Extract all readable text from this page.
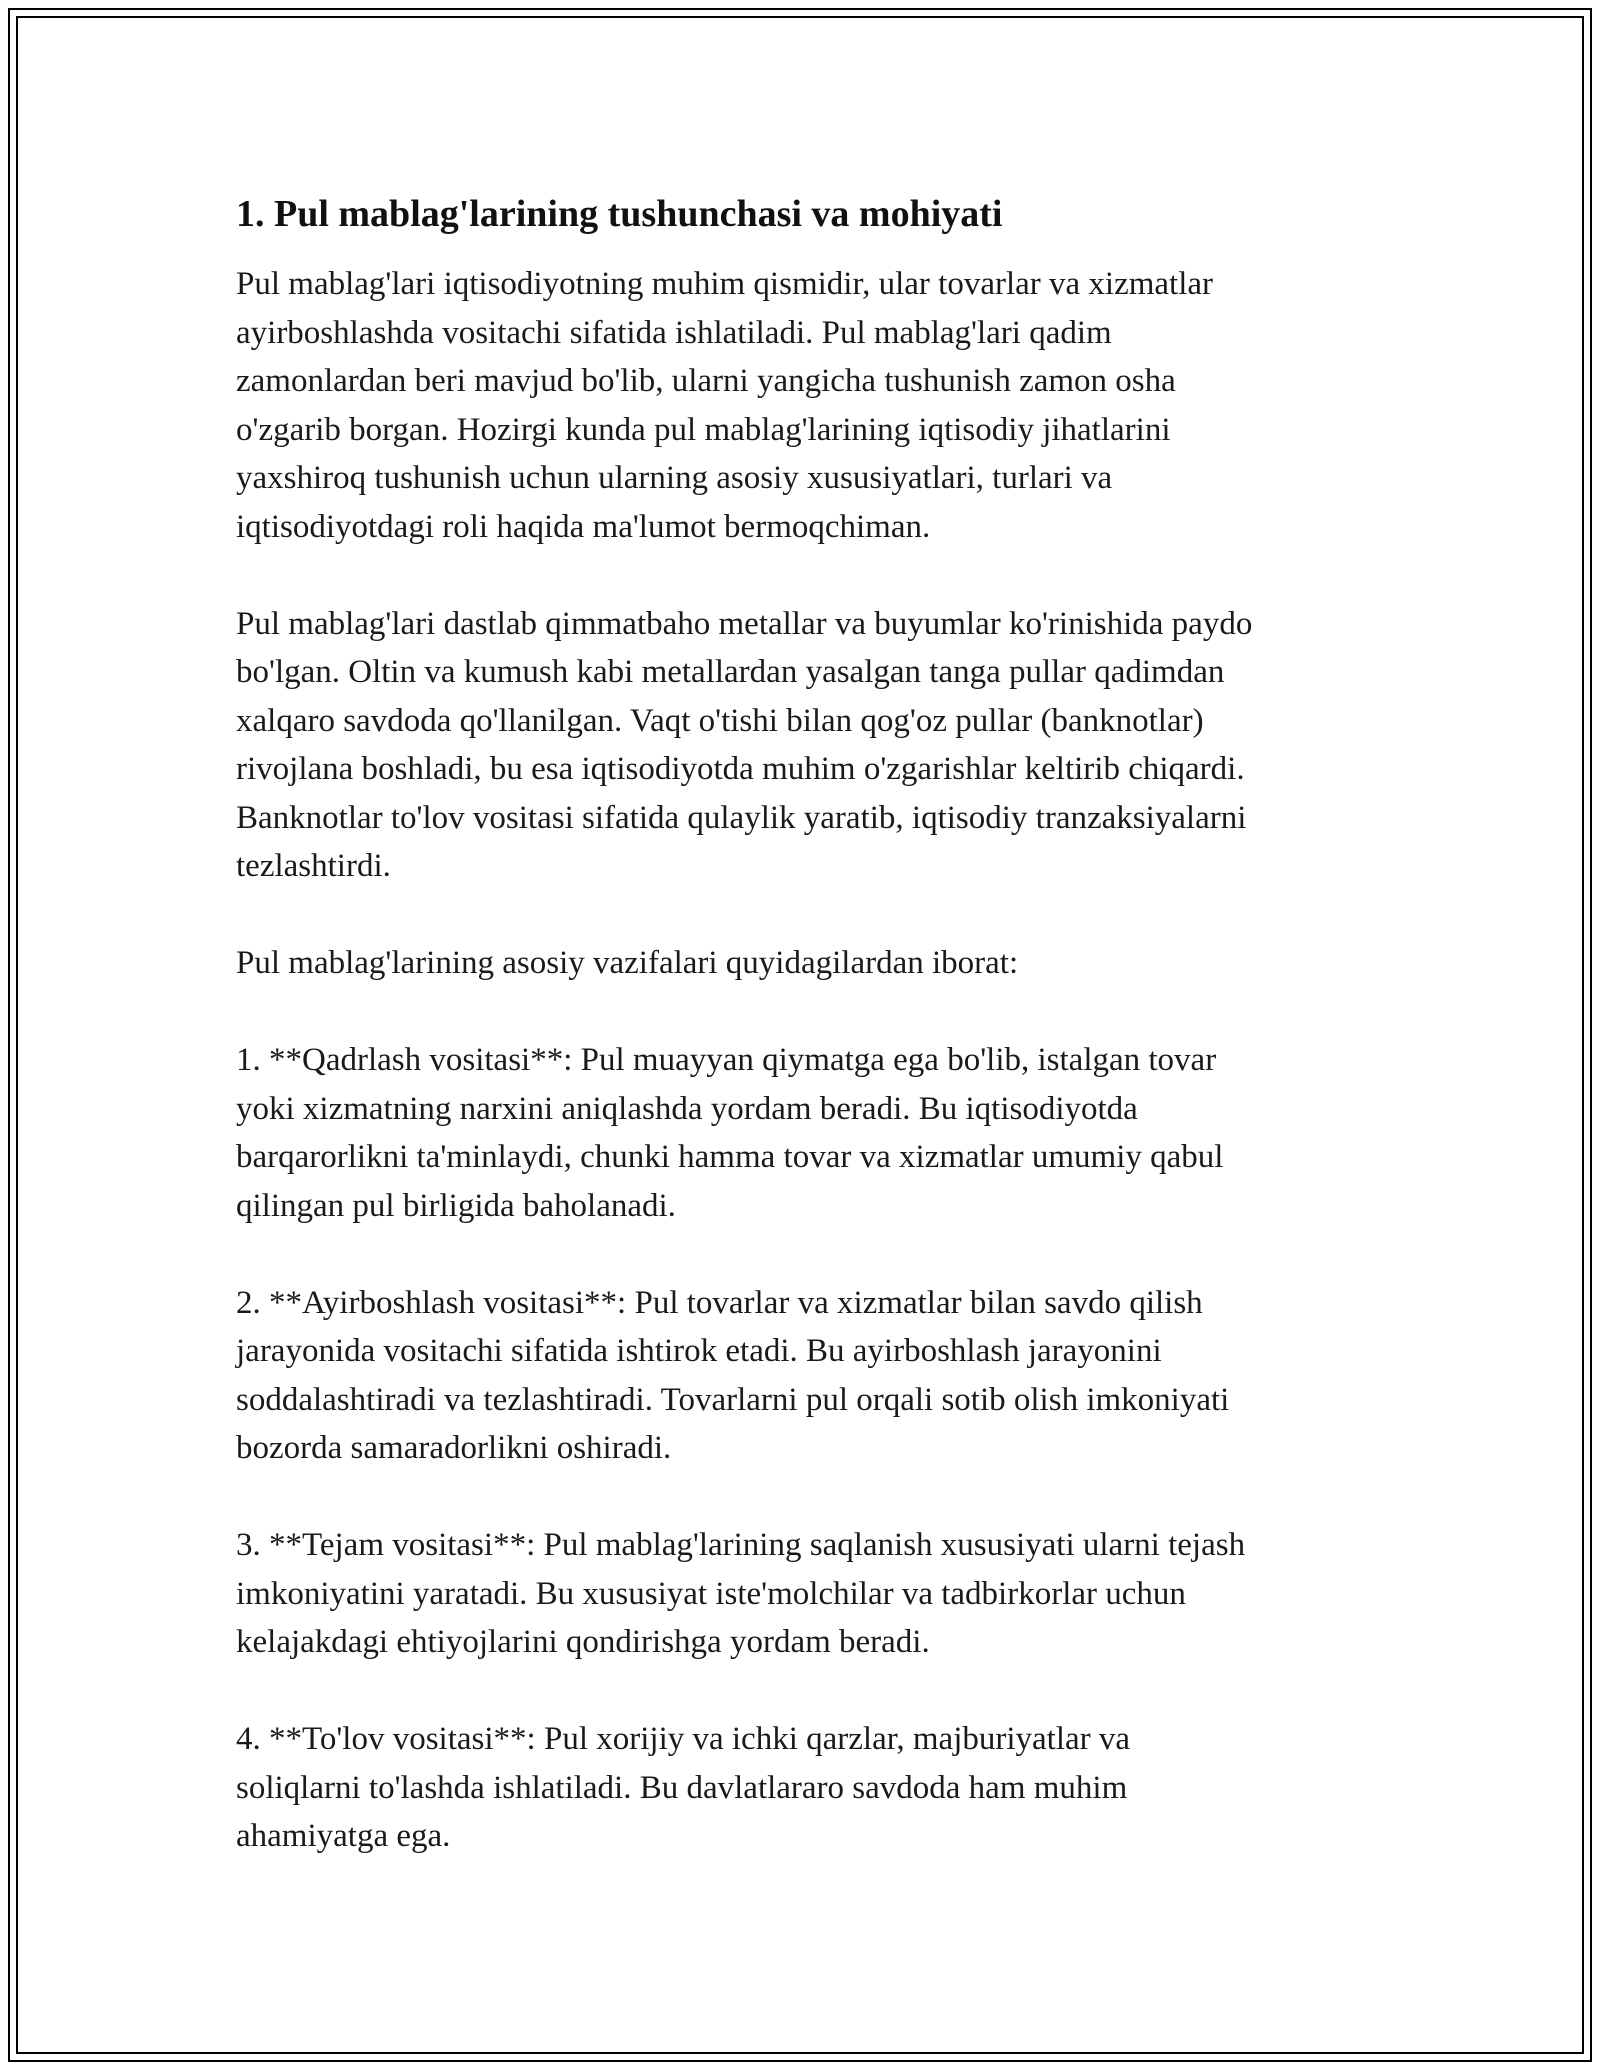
1. Pul mablag'larining tushunchasi va mohiyati

Pul mablag'lari iqtisodiyotning muhim qismidir, ular tovarlar va xizmatlar
ayirboshlashda vositachi sifatida ishlatiladi. Pul mablag'lari qadim
zamonlardan beri mavjud bo'lib, ularni yangicha tushunish zamon osha
o'zgarib borgan. Hozirgi kunda pul mablag'larining iqtisodiy jihatlarini
yaxshiroq tushunish uchun ularning asosiy xususiyatlari, turlari va
iqtisodiyotdagi roli haqida ma'lumot bermoqchiman.

Pul mablag'lari dastlab qimmatbaho metallar va buyumlar ko'rinishida paydo
bo'lgan. Oltin va kumush kabi metallardan yasalgan tanga pullar qadimdan
xalqaro savdoda qo'llanilgan. Vaqt o'tishi bilan qog'oz pullar (banknotlar)
rivojlana boshladi, bu esa iqtisodiyotda muhim o'zgarishlar keltirib chiqardi.
Banknotlar to'lov vositasi sifatida qulaylik yaratib, iqtisodiy tranzaksiyalarni
tezlashtirdi.

Pul mablag'larining asosiy vazifalari quyidagilardan iborat:

1. **Qadrlash vositasi**: Pul muayyan qiymatga ega bo'lib, istalgan tovar
yoki xizmatning narxini aniqlashda yordam beradi. Bu iqtisodiyotda
barqarorlikni ta'minlaydi, chunki hamma tovar va xizmatlar umumiy qabul
qilingan pul birligida baholanadi.

2. **Ayirboshlash vositasi**: Pul tovarlar va xizmatlar bilan savdo qilish
jarayonida vositachi sifatida ishtirok etadi. Bu ayirboshlash jarayonini
soddalashtiradi va tezlashtiradi. Tovarlarni pul orqali sotib olish imkoniyati
bozorda samaradorlikni oshiradi.

3. **Tejam vositasi**: Pul mablag'larining saqlanish xususiyati ularni tejash
imkoniyatini yaratadi. Bu xususiyat iste'molchilar va tadbirkorlar uchun
kelajakdagi ehtiyojlarini qondirishga yordam beradi.

4. **To'lov vositasi**: Pul xorijiy va ichki qarzlar, majburiyatlar va
soliqlarni to'lashda ishlatiladi. Bu davlatlararo savdoda ham muhim
ahamiyatga ega.
